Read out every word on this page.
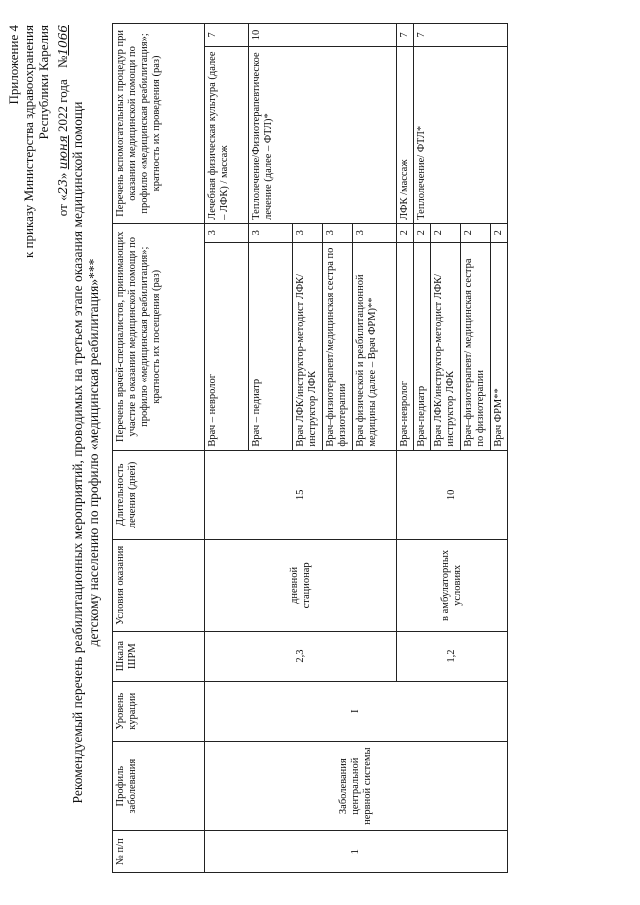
Приложение 4 к приказу Министерства здравоохранения Республики Карелия
от «23» июня 2022 года №1066
Рекомендуемый перечень реабилитационных мероприятий, проводимых на третьем этапе оказания медицинской помощи детскому населению по профилю «медицинская реабилитация»***
№ п/п	Профиль заболевания	Уровень курации	Шкала ШРМ	Условия оказания	Длительность лечения (дней)	Перечень врачей-специалистов, принимающих участие в оказании медицинской помощи по профилю «медицинская реабилитация»; кратность их посещения (раз)		Перечень вспомогательных процедур при оказании медицинской помощи по профилю «медицинская реабилитация»; кратность их проведения (раз)	
1	Заболевания центральной нервной системы	I	2,3	дневной стационар	15	Врач – невролог	3	Лечебная физическая культура (далее – ЛФК) / массаж	7
						Врач – педиатр	3	Теплолечение/Физиотерапевтическое лечение (далее – ФТЛ)*	10
						Врач ЛФК/инструктор-методист ЛФК/инструктор ЛФК	3		
						Врач–физиотерапевт/медицинская сестра по физиотерапии	3		
						Врач физической и реабилитационной медицины (далее – Врач ФРМ)**	3		
			1,2	в амбулаторных условиях	10	Врач-невролог	2	ЛФК /массаж	7
						Врач-педиатр	2	Теплолечение/ ФТЛ*	7
						Врач ЛФК/инструктор-методист ЛФК/инструктор ЛФК	2		
						Врач–физиотерапевт/ медицинская сестра по физиотерапии	2		
						Врач ФРМ**	2		
